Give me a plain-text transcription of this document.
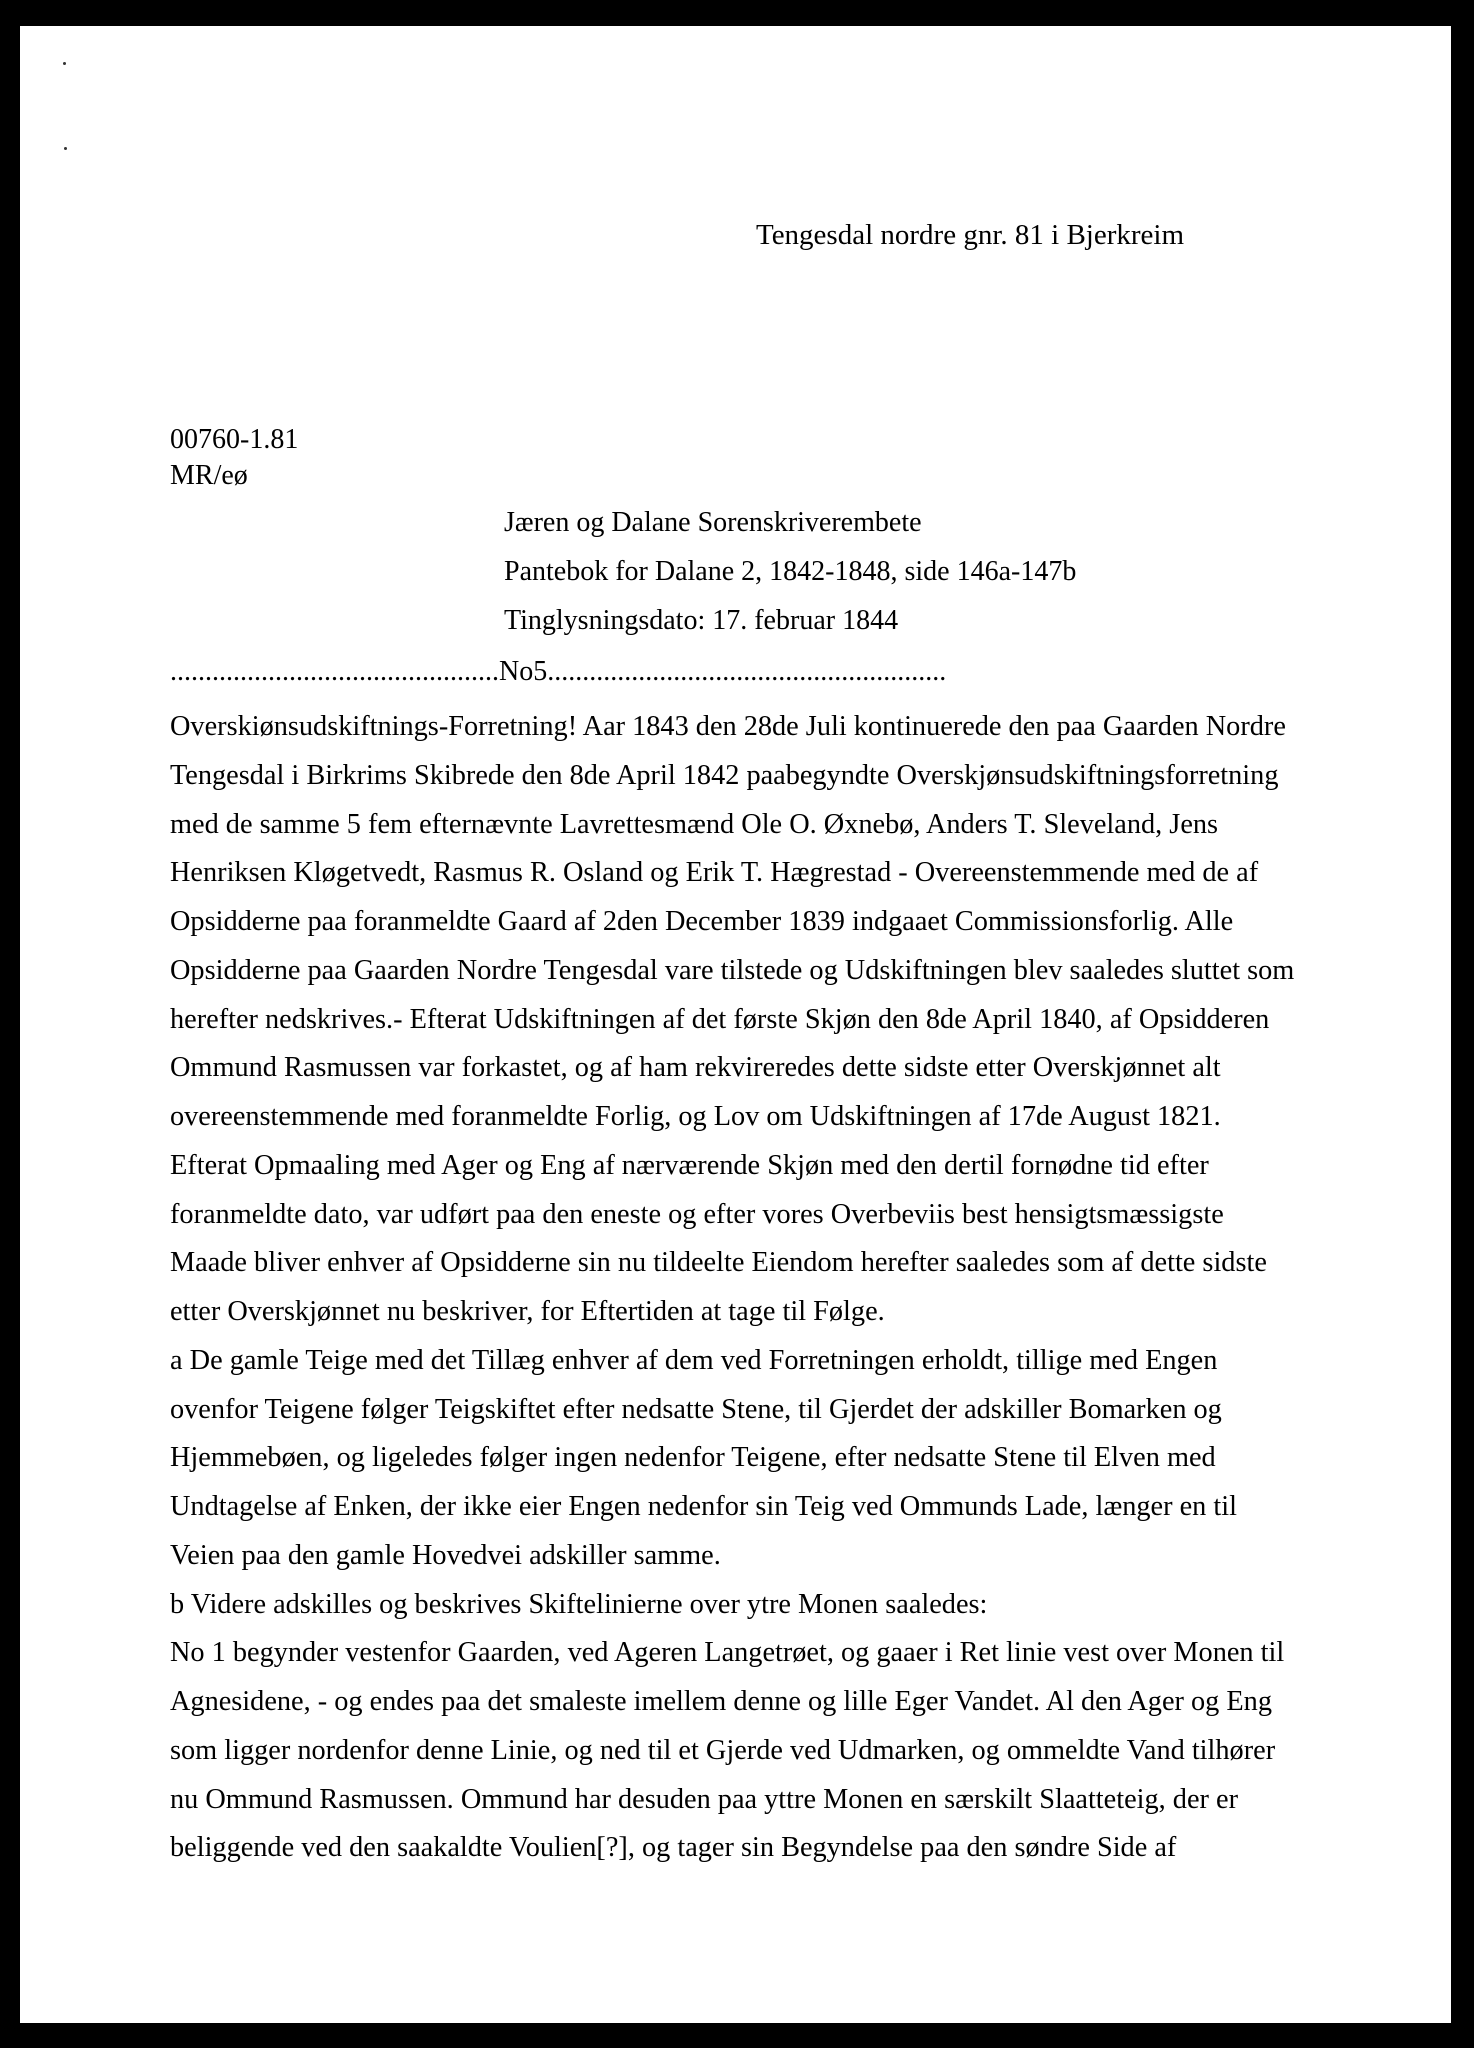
Tengesdal nordre gnr. 81 i Bjerkreim
00760-1.81
MR/eø
Jæren og Dalane Sorenskriverembete
Pantebok for Dalane 2, 1842-1848, side 146a-147b
Tinglysningsdato: 17. februar 1844
...............................................No5.........................................................
Overskiønsudskiftnings-Forretning! Aar 1843 den 28de Juli kontinuerede den paa Gaarden Nordre
Tengesdal i Birkrims Skibrede den 8de April 1842 paabegyndte Overskjønsudskiftningsforretning
med de samme 5 fem efternævnte Lavrettesmænd Ole O. Øxnebø, Anders T. Sleveland, Jens
Henriksen Kløgetvedt, Rasmus R. Osland og Erik T. Hægrestad - Overeenstemmende med de af
Opsidderne paa foranmeldte Gaard af 2den December 1839 indgaaet Commissionsforlig. Alle
Opsidderne paa Gaarden Nordre Tengesdal vare tilstede og Udskiftningen blev saaledes sluttet som
herefter nedskrives.- Efterat Udskiftningen af det første Skjøn den 8de April 1840, af Opsidderen
Ommund Rasmussen var forkastet, og af ham rekvireredes dette sidste etter Overskjønnet alt
overeenstemmende med foranmeldte Forlig, og Lov om Udskiftningen af 17de August 1821.
Efterat Opmaaling med Ager og Eng af nærværende Skjøn med den dertil fornødne tid efter
foranmeldte dato, var udført paa den eneste og efter vores Overbeviis best hensigtsmæssigste
Maade bliver enhver af Opsidderne sin nu tildeelte Eiendom herefter saaledes som af dette sidste
etter Overskjønnet nu beskriver, for Eftertiden at tage til Følge.
a De gamle Teige med det Tillæg enhver af dem ved Forretningen erholdt, tillige med Engen
ovenfor Teigene følger Teigskiftet efter nedsatte Stene, til Gjerdet der adskiller Bomarken og
Hjemmebøen, og ligeledes følger ingen nedenfor Teigene, efter nedsatte Stene til Elven med
Undtagelse af Enken, der ikke eier Engen nedenfor sin Teig ved Ommunds Lade, længer en til
Veien paa den gamle Hovedvei adskiller samme.
b Videre adskilles og beskrives Skiftelinierne over ytre Monen saaledes:
No 1 begynder vestenfor Gaarden, ved Ageren Langetrøet, og gaaer i Ret linie vest over Monen til
Agnesidene, - og endes paa det smaleste imellem denne og lille Eger Vandet. Al den Ager og Eng
som ligger nordenfor denne Linie, og ned til et Gjerde ved Udmarken, og ommeldte Vand tilhører
nu Ommund Rasmussen. Ommund har desuden paa yttre Monen en særskilt Slaatteteig, der er
beliggende ved den saakaldte Voulien[?], og tager sin Begyndelse paa den søndre Side af
